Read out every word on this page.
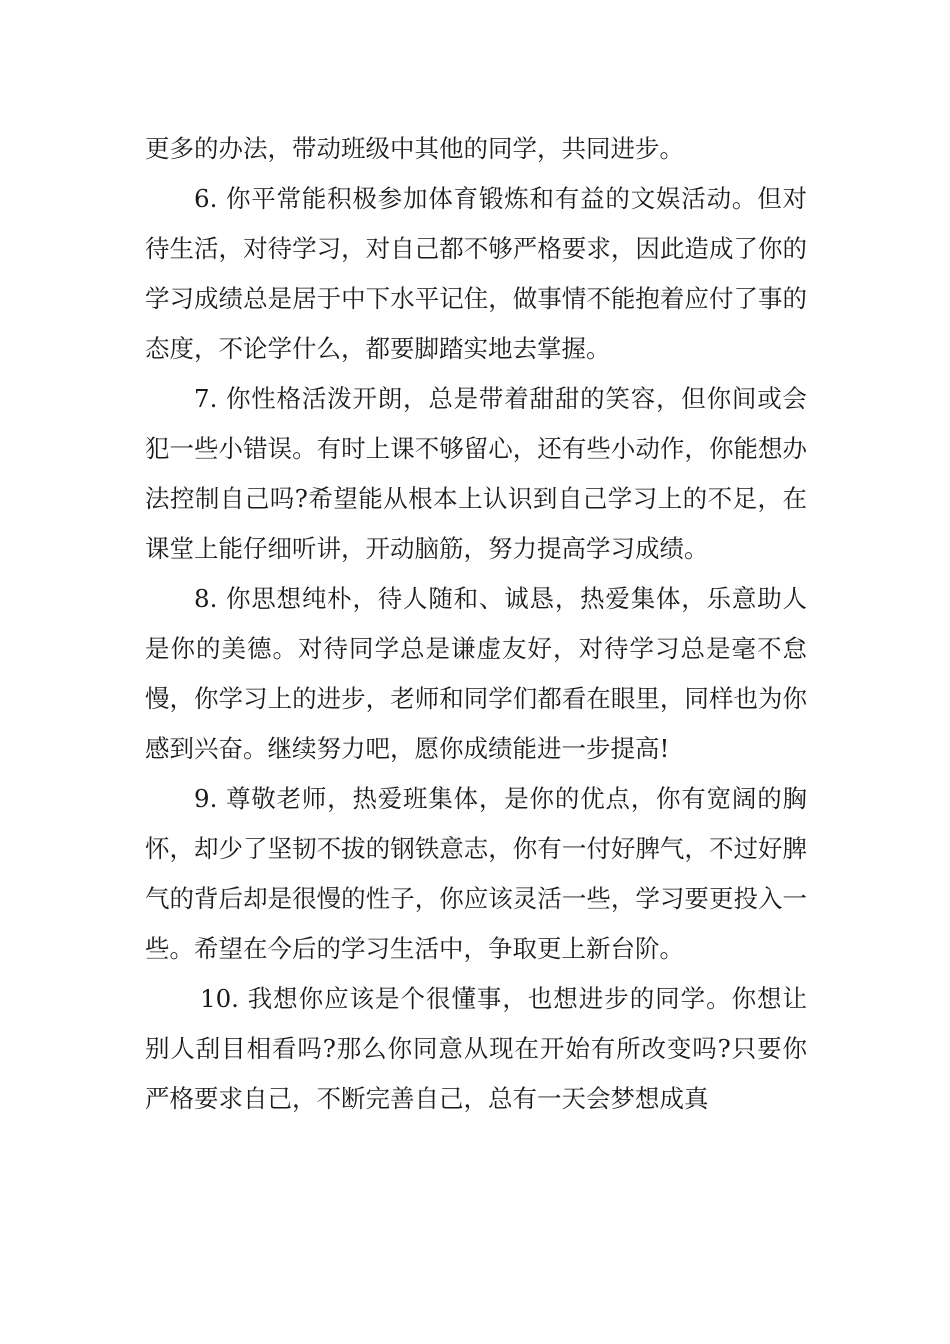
更多的办法，带动班级中其他的同学，共同进步。

6. 你平常能积极参加体育锻炼和有益的文娱活动。但对待生活，对待学习，对自己都不够严格要求，因此造成了你的学习成绩总是居于中下水平记住，做事情不能抱着应付了事的态度，不论学什么，都要脚踏实地去掌握。

7. 你性格活泼开朗，总是带着甜甜的笑容，但你间或会犯一些小错误。有时上课不够留心，还有些小动作，你能想办法控制自己吗?希望能从根本上认识到自己学习上的不足，在课堂上能仔细听讲，开动脑筋，努力提高学习成绩。

8. 你思想纯朴，待人随和、诚恳，热爱集体，乐意助人是你的美德。对待同学总是谦虚友好，对待学习总是毫不怠慢，你学习上的进步，老师和同学们都看在眼里，同样也为你感到兴奋。继续努力吧，愿你成绩能进一步提高!

9. 尊敬老师，热爱班集体，是你的优点，你有宽阔的胸怀，却少了坚韧不拔的钢铁意志，你有一付好脾气，不过好脾气的背后却是很慢的性子，你应该灵活一些，学习要更投入一些。希望在今后的学习生活中，争取更上新台阶。

10. 我想你应该是个很懂事，也想进步的同学。你想让别人刮目相看吗?那么你同意从现在开始有所改变吗?只要你严格要求自己，不断完善自己，总有一天会梦想成真
